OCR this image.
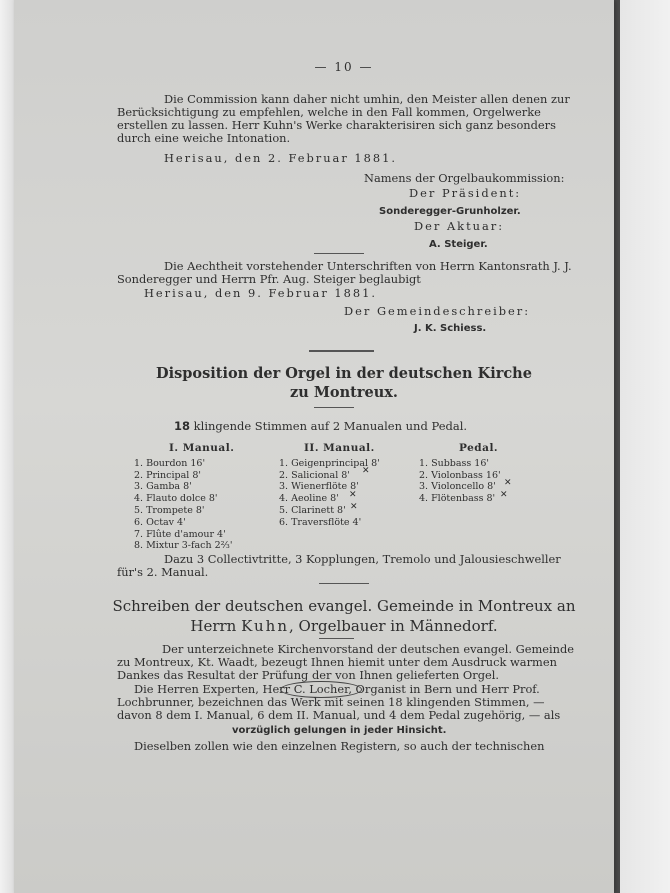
— 10 —
Die Commission kann daher nicht umhin, den Meister allen denen zur
Berücksichtigung zu empfehlen, welche in den Fall kommen, Orgelwerke
erstellen zu lassen. Herr Kuhn's Werke charakterisiren sich ganz besonders
durch eine weiche Intonation.
Herisau, den 2. Februar 1881.
Namens der Orgelbaukommission:
Der Präsident:
Sonderegger-Grunholzer.
Der Aktuar:
A. Steiger.
Die Aechtheit vorstehender Unterschriften von Herrn Kantonsrath J. J.
Sonderegger und Herrn Pfr. Aug. Steiger beglaubigt
Herisau, den 9. Februar 1881.
Der Gemeindeschreiber:
J. K. Schiess.
Disposition der Orgel in der deutschen Kirche
zu Montreux.
18 klingende Stimmen auf 2 Manualen und Pedal.
I. Manual.
1. Bourdon 16'
2. Principal 8'
3. Gamba 8'
4. Flauto dolce 8'
5. Trompete 8'
6. Octav 4'
7. Flûte d'amour 4'
8. Mixtur 3-fach 2⅔'
II. Manual.
1. Geigenprincipal 8'
2. Salicional 8'
3. Wienerflöte 8'
4. Aeoline 8'
5. Clarinett 8'
6. Traversflöte 4'
Pedal.
1. Subbass 16'
2. Violonbass 16'
3. Violoncello 8'
4. Flötenbass 8'
✕
✕
✕
✕
✕
Dazu 3 Collectivtritte, 3 Kopplungen, Tremolo und Jalousieschweller
für's 2. Manual.
Schreiben der deutschen evangel. Gemeinde in Montreux an
Herrn Kuhn, Orgelbauer in Männedorf.
Der unterzeichnete Kirchenvorstand der deutschen evangel. Gemeinde
zu Montreux, Kt. Waadt, bezeugt Ihnen hiemit unter dem Ausdruck warmen
Dankes das Resultat der Prüfung der von Ihnen gelieferten Orgel.
Die Herren Experten, Herr C. Locher, Organist in Bern und Herr Prof.
Lochbrunner, bezeichnen das Werk mit seinen 18 klingenden Stimmen, —
davon 8 dem I. Manual, 6 dem II. Manual, und 4 dem Pedal zugehörig, — als
vorzüglich gelungen in jeder Hinsicht.
Dieselben zollen wie den einzelnen Registern, so auch der technischen
